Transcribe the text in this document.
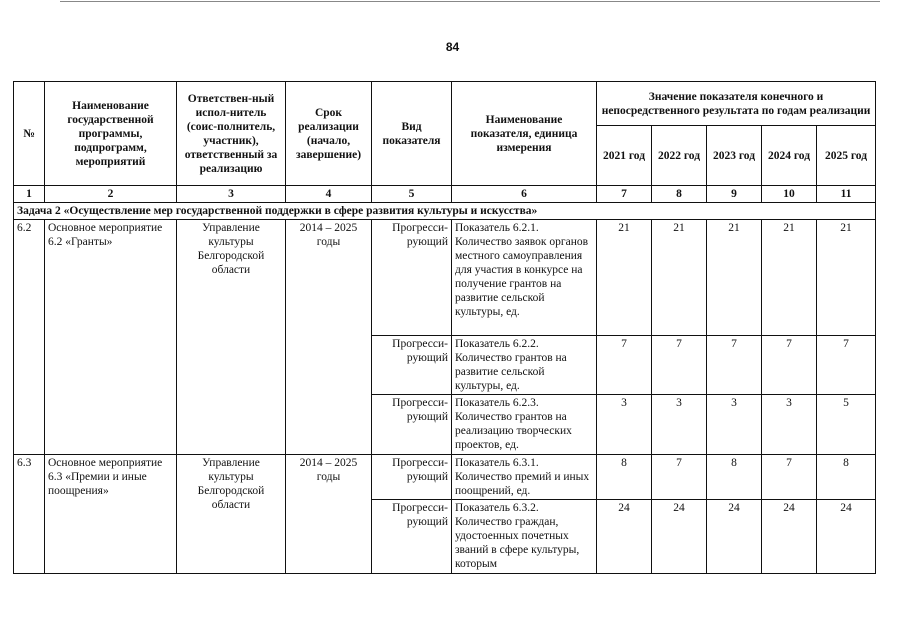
84
№	Наименование государственной программы, подпрограмм, мероприятий	Ответствен-ный испол-нитель (соис-полнитель, участник), ответственный за реализацию	Срок реализации (начало, завершение)	Вид показателя	Наименование показателя, единица измерения	Значение показателя конечного и непосредственного результата по годам реализации				
						2021 год	2022 год	2023 год	2024 год	2025 год
1	2	3	4	5	6	7	8	9	10	11
Задача 2 «Осуществление мер государственной поддержки в сфере развития культуры и искусства»										
6.2	Основное мероприятие 6.2 «Гранты»	Управление культуры Белгородской области	2014 – 2025 годы	Прогресси-рующий	Показатель 6.2.1. Количество заявок органов местного самоуправления для участия в конкурсе на получение грантов на развитие сельской культуры, ед.	21	21	21	21	21
				Прогресси-рующий	Показатель 6.2.2. Количество грантов на развитие сельской культуры, ед.	7	7	7	7	7
				Прогресси-рующий	Показатель 6.2.3. Количество грантов на реализацию творческих проектов, ед.	3	3	3	3	5
6.3	Основное мероприятие 6.3 «Премии и иные поощрения»	Управление культуры Белгородской области	2014 – 2025 годы	Прогресси-рующий	Показатель 6.3.1. Количество премий и иных поощрений, ед.	8	7	8	7	8
				Прогресси-рующий	Показатель 6.3.2. Количество граждан, удостоенных почетных званий в сфере культуры, которым	24	24	24	24	24
